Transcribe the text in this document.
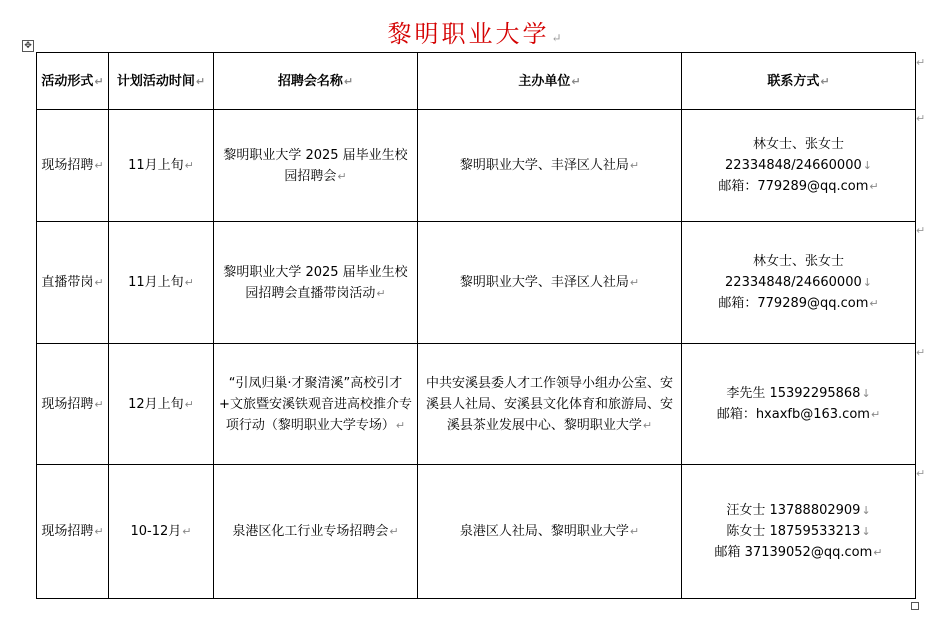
黎明职业大学 ↵
✥
活动形式↵	计划活动时间↵	招聘会名称↵	主办单位↵	联系方式↵
现场招聘↵	11月上旬↵	黎明职业大学 2025 届毕业生校园招聘会↵	黎明职业大学、丰泽区人社局↵	林女士、张女士 22334848/24660000↓
邮箱：779289@qq.com↵

直播带岗↵	11月上旬↵	黎明职业大学 2025 届毕业生校园招聘会直播带岗活动↵	黎明职业大学、丰泽区人社局↵	林女士、张女士 22334848/24660000↓
邮箱：779289@qq.com↵

现场招聘↵	12月上旬↵	“引凤归巢·才聚清溪”高校引才+文旅暨安溪铁观音进高校推介专项行动（黎明职业大学专场）↵	中共安溪县委人才工作领导小组办公室、安溪县人社局、安溪县文化体育和旅游局、安溪县茶业发展中心、黎明职业大学↵	李先生 15392295868↓
邮箱：hxaxfb@163.com↵

现场招聘↵	10-12月↵	泉港区化工行业专场招聘会↵	泉港区人社局、黎明职业大学↵	汪女士 13788802909↓
陈女士 18759533213↓
邮箱 37139052@qq.com↵
↵
↵
↵
↵
↵
